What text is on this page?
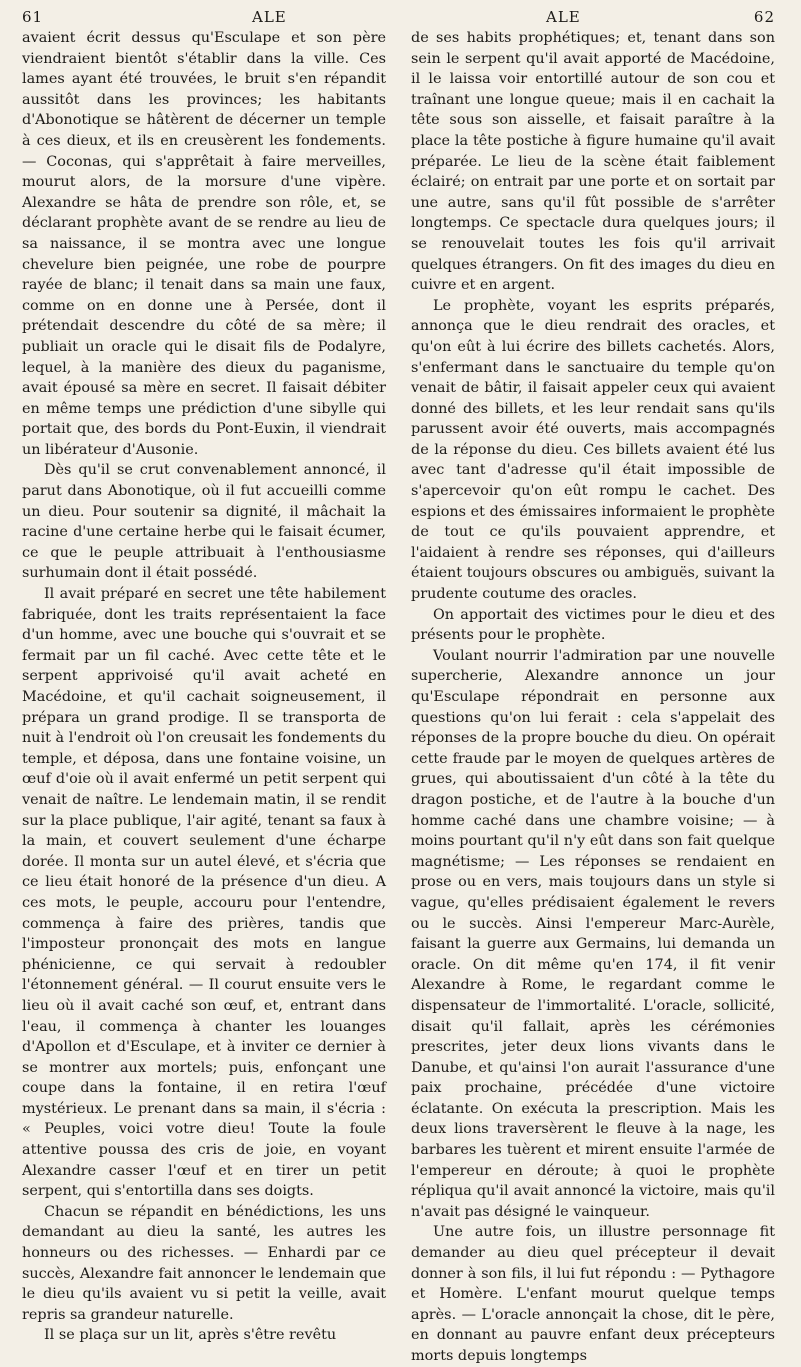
61	ALE	ALE	62

avaient écrit dessus qu'Esculape et son père viendraient bientôt s'établir dans la ville. Ces lames ayant été trouvées, le bruit s'en répandit aussitôt dans les provinces; les habitants d'Abonotique se hâtèrent de décerner un temple à ces dieux, et ils en creusèrent les fondements. — Coconas, qui s'apprêtait à faire merveilles, mourut alors, de la morsure d'une vipère. Alexandre se hâta de prendre son rôle, et, se déclarant prophète avant de se rendre au lieu de sa naissance, il se montra avec une longue chevelure bien peignée, une robe de pourpre rayée de blanc; il tenait dans sa main une faux, comme on en donne une à Persée, dont il prétendait descendre du côté de sa mère; il publiait un oracle qui le disait fils de Podalyre, lequel, à la manière des dieux du paganisme, avait épousé sa mère en secret. Il faisait débiter en même temps une prédiction d'une sibylle qui portait que, des bords du Pont-Euxin, il viendrait un libérateur d'Ausonie.

Dès qu'il se crut convenablement annoncé, il parut dans Abonotique, où il fut accueilli comme un dieu. Pour soutenir sa dignité, il mâchait la racine d'une certaine herbe qui le faisait écumer, ce que le peuple attribuait à l'enthousiasme surhumain dont il était possédé.

Il avait préparé en secret une tête habilement fabriquée, dont les traits représentaient la face d'un homme, avec une bouche qui s'ouvrait et se fermait par un fil caché. Avec cette tête et le serpent apprivoisé qu'il avait acheté en Macédoine, et qu'il cachait soigneusement, il prépara un grand prodige. Il se transporta de nuit à l'endroit où l'on creusait les fondements du temple, et déposa, dans une fontaine voisine, un œuf d'oie où il avait enfermé un petit serpent qui venait de naître. Le lendemain matin, il se rendit sur la place publique, l'air agité, tenant sa faux à la main, et couvert seulement d'une écharpe dorée. Il monta sur un autel élevé, et s'écria que ce lieu était honoré de la présence d'un dieu. A ces mots, le peuple, accouru pour l'entendre, commença à faire des prières, tandis que l'imposteur prononçait des mots en langue phénicienne, ce qui servait à redoubler l'étonnement général. — Il courut ensuite vers le lieu où il avait caché son œuf, et, entrant dans l'eau, il commença à chanter les louanges d'Apollon et d'Esculape, et à inviter ce dernier à se montrer aux mortels; puis, enfonçant une coupe dans la fontaine, il en retira l'œuf mystérieux. Le prenant dans sa main, il s'écria : « Peuples, voici votre dieu! Toute la foule attentive poussa des cris de joie, en voyant Alexandre casser l'œuf et en tirer un petit serpent, qui s'entortilla dans ses doigts.

Chacun se répandit en bénédictions, les uns demandant au dieu la santé, les autres les honneurs ou des richesses. — Enhardi par ce succès, Alexandre fait annoncer le lendemain que le dieu qu'ils avaient vu si petit la veille, avait repris sa grandeur naturelle.

Il se plaça sur un lit, après s'être revêtu

de ses habits prophétiques; et, tenant dans son sein le serpent qu'il avait apporté de Macédoine, il le laissa voir entortillé autour de son cou et traînant une longue queue; mais il en cachait la tête sous son aisselle, et faisait paraître à la place la tête postiche à figure humaine qu'il avait préparée. Le lieu de la scène était faiblement éclairé; on entrait par une porte et on sortait par une autre, sans qu'il fût possible de s'arrêter longtemps. Ce spectacle dura quelques jours; il se renouvelait toutes les fois qu'il arrivait quelques étrangers. On fit des images du dieu en cuivre et en argent.

Le prophète, voyant les esprits préparés, annonça que le dieu rendrait des oracles, et qu'on eût à lui écrire des billets cachetés. Alors, s'enfermant dans le sanctuaire du temple qu'on venait de bâtir, il faisait appeler ceux qui avaient donné des billets, et les leur rendait sans qu'ils parussent avoir été ouverts, mais accompagnés de la réponse du dieu. Ces billets avaient été lus avec tant d'adresse qu'il était impossible de s'apercevoir qu'on eût rompu le cachet. Des espions et des émissaires informaient le prophète de tout ce qu'ils pouvaient apprendre, et l'aidaient à rendre ses réponses, qui d'ailleurs étaient toujours obscures ou ambiguës, suivant la prudente coutume des oracles.

On apportait des victimes pour le dieu et des présents pour le prophète.

Voulant nourrir l'admiration par une nouvelle supercherie, Alexandre annonce un jour qu'Esculape répondrait en personne aux questions qu'on lui ferait : cela s'appelait des réponses de la propre bouche du dieu. On opérait cette fraude par le moyen de quelques artères de grues, qui aboutissaient d'un côté à la tête du dragon postiche, et de l'autre à la bouche d'un homme caché dans une chambre voisine; — à moins pourtant qu'il n'y eût dans son fait quelque magnétisme; — Les réponses se rendaient en prose ou en vers, mais toujours dans un style si vague, qu'elles prédisaient également le revers ou le succès. Ainsi l'empereur Marc-Aurèle, faisant la guerre aux Germains, lui demanda un oracle. On dit même qu'en 174, il fit venir Alexandre à Rome, le regardant comme le dispensateur de l'immortalité. L'oracle, sollicité, disait qu'il fallait, après les cérémonies prescrites, jeter deux lions vivants dans le Danube, et qu'ainsi l'on aurait l'assurance d'une paix prochaine, précédée d'une victoire éclatante. On exécuta la prescription. Mais les deux lions traversèrent le fleuve à la nage, les barbares les tuèrent et mirent ensuite l'armée de l'empereur en déroute; à quoi le prophète répliqua qu'il avait annoncé la victoire, mais qu'il n'avait pas désigné le vainqueur.

Une autre fois, un illustre personnage fit demander au dieu quel précepteur il devait donner à son fils, il lui fut répondu : — Pythagore et Homère. L'enfant mourut quelque temps après. — L'oracle annonçait la chose, dit le père, en donnant au pauvre enfant deux précepteurs morts depuis longtemps
